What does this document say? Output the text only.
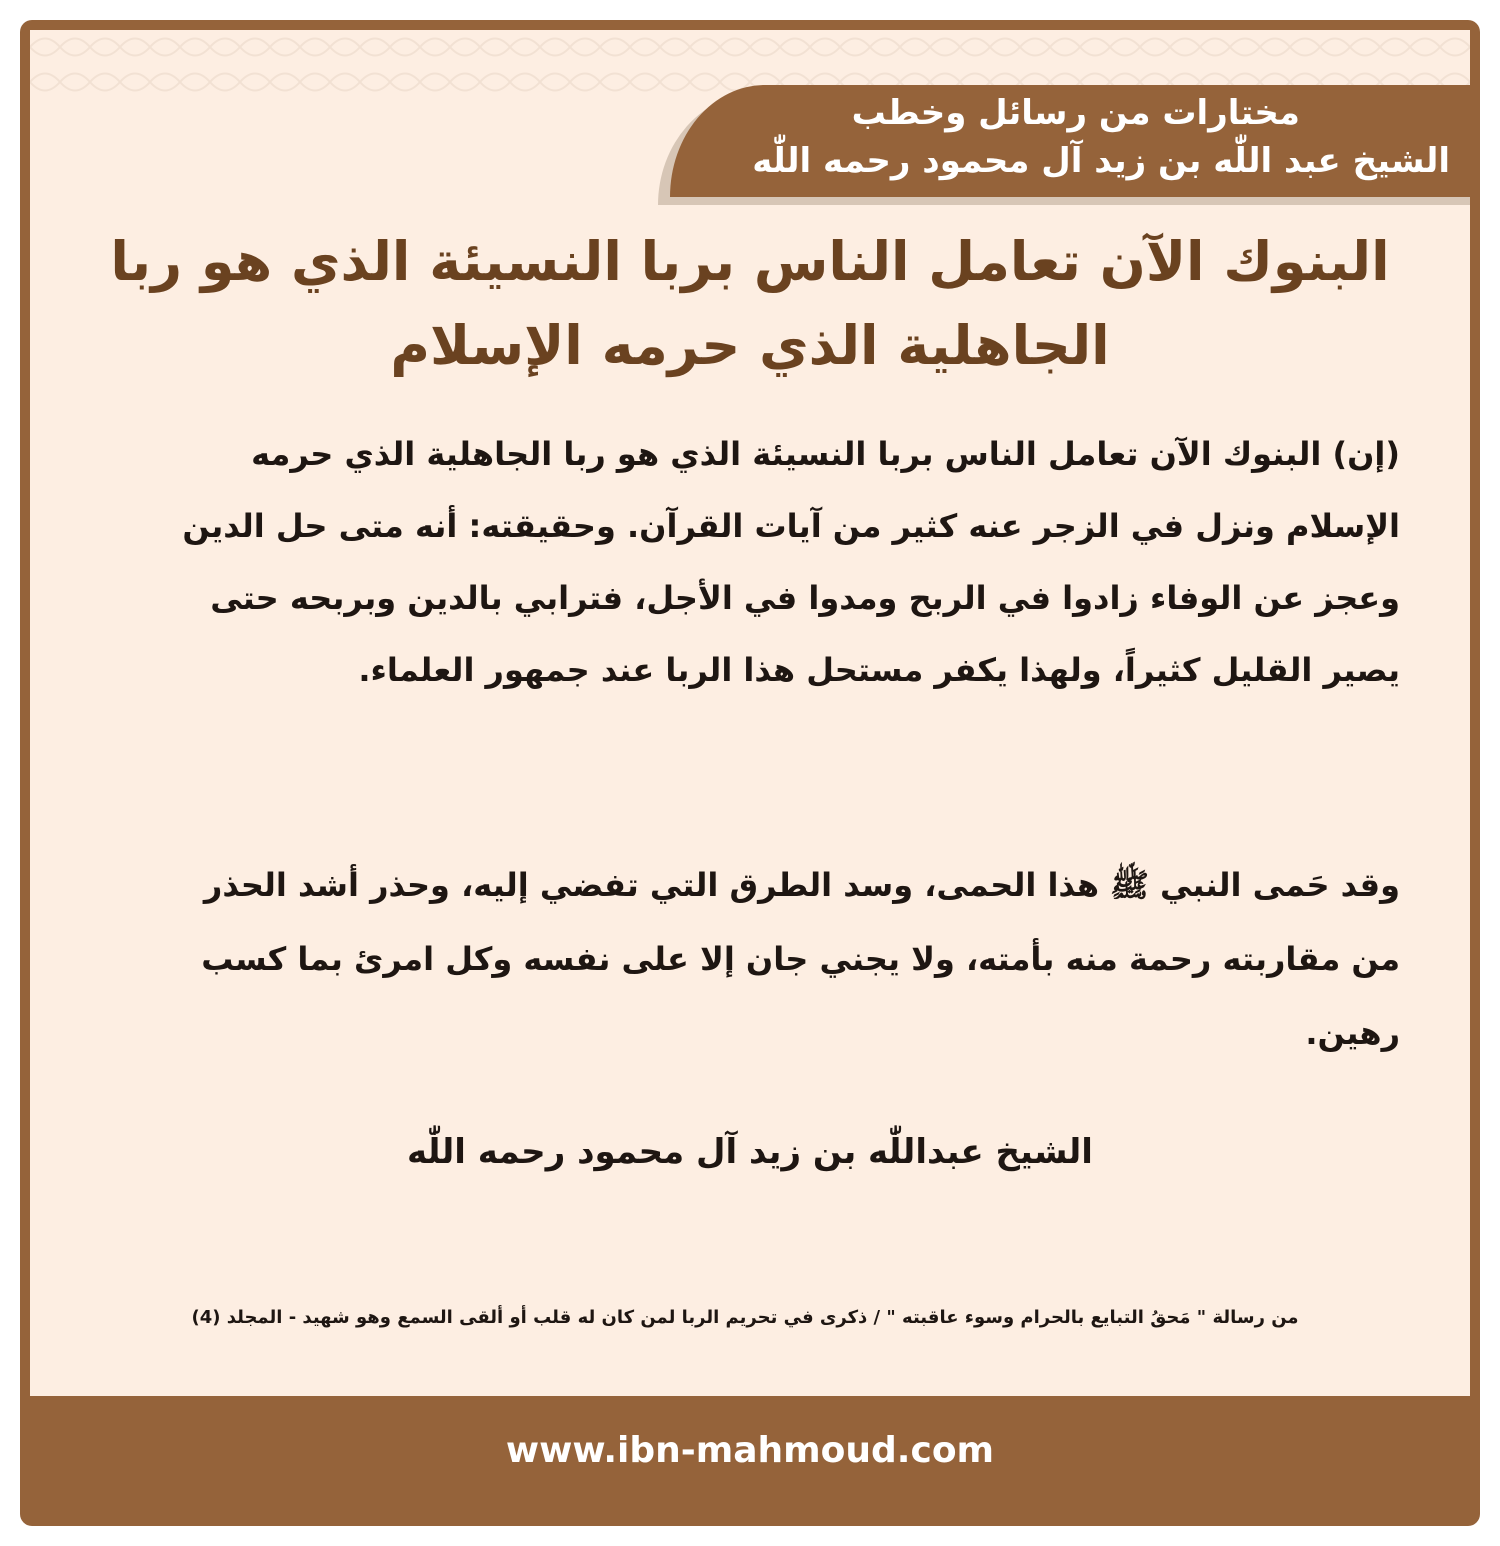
مختارات من رسائل وخطب
الشيخ عبد اللّٰه بن زيد آل محمود رحمه اللّٰه
البنوك الآن تعامل الناس بربا النسيئة الذي هو ربا الجاهلية الذي حرمه الإسلام
(إن) البنوك الآن تعامل الناس بربا النسيئة الذي هو ربا الجاهلية الذي حرمه الإسلام ونزل في الزجر عنه كثير من آيات القرآن. وحقيقته: أنه متى حل الدين وعجز عن الوفاء زادوا في الربح ومدوا في الأجل، فترابي بالدين وبربحه حتى يصير القليل كثيراً، ولهذا يكفر مستحل هذا الربا عند جمهور العلماء.
وقد حَمى النبي ﷺ هذا الحمى، وسد الطرق التي تفضي إليه، وحذر أشد الحذر من مقاربته رحمة منه بأمته، ولا يجني جان إلا على نفسه وكل امرئ بما كسب رهين.
الشيخ عبداللّٰه بن زيد آل محمود رحمه اللّٰه
من رسالة " مَحقُ التبايع بالحرام وسوء عاقبته " / ذكرى في تحريم الربا لمن كان له قلب أو ألقى السمع وهو شهيد - المجلد (4)
www.ibn-mahmoud.com
